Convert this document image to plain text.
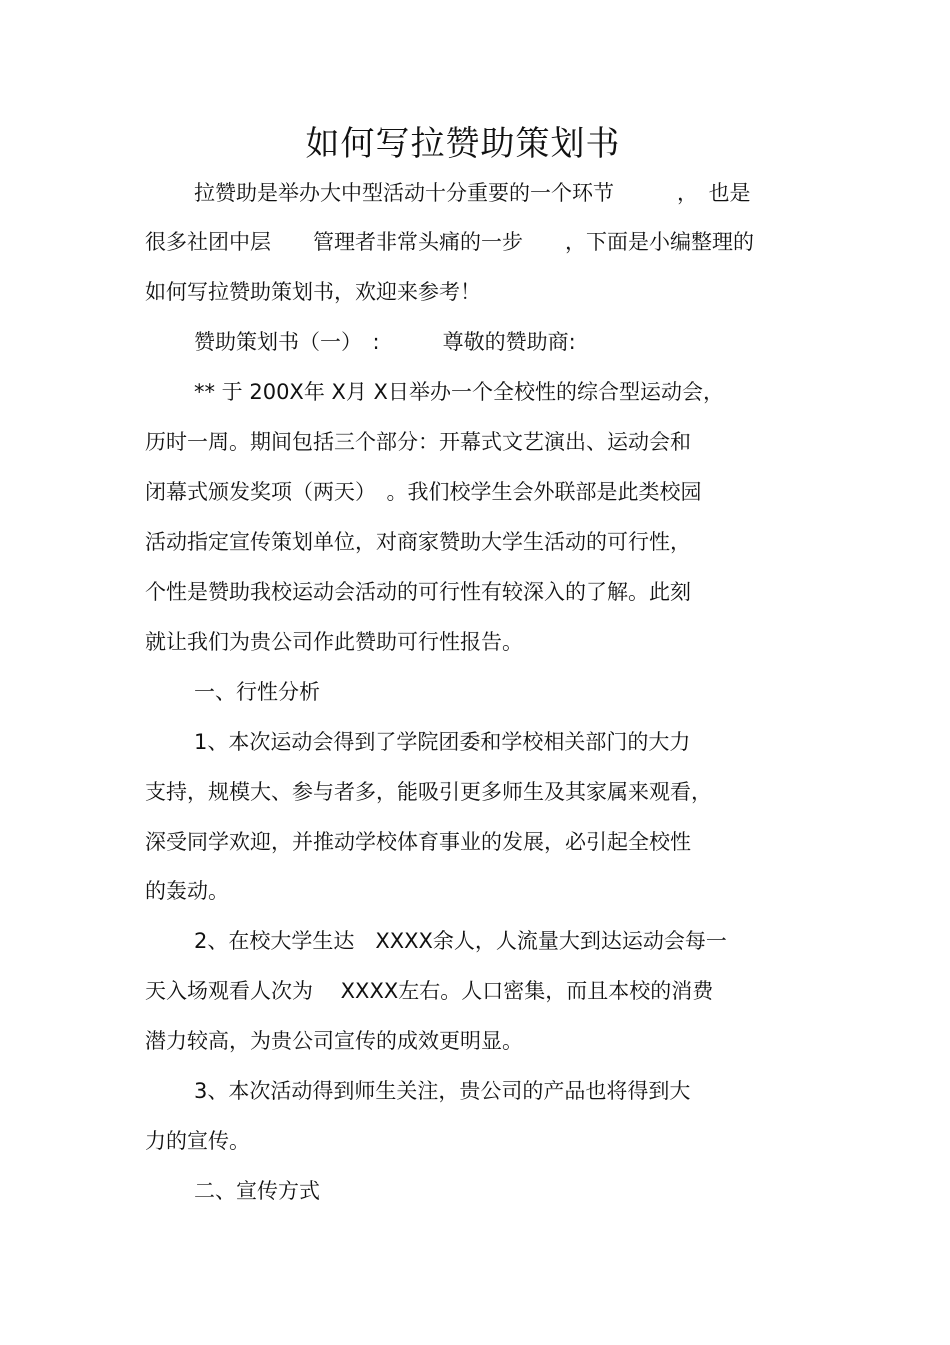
如何写拉赞助策划书
拉赞助是举办大中型活动十分重要的一个环节　　　，　也是
很多社团中层　　管理者非常头痛的一步　　，下面是小编整理的
如何写拉赞助策划书，欢迎来参考！
赞助策划书（一）　:　　　尊敬的赞助商:
** 于 200X年 X月 X日举办一个全校性的综合型运动会，
历时一周。期间包括三个部分：开幕式文艺演出、运动会和
闭幕式颁发奖项（两天）　。我们校学生会外联部是此类校园
活动指定宣传策划单位，对商家赞助大学生活动的可行性，
个性是赞助我校运动会活动的可行性有较深入的了解。此刻
就让我们为贵公司作此赞助可行性报告。
一、行性分析
1、本次运动会得到了学院团委和学校相关部门的大力
支持，规模大、参与者多，能吸引更多师生及其家属来观看，
深受同学欢迎，并推动学校体育事业的发展，必引起全校性
的轰动。
2、在校大学生达　XXXX余人，人流量大到达运动会每一
天入场观看人次为　 XXXX左右。人口密集，而且本校的消费
潜力较高，为贵公司宣传的成效更明显。
3、本次活动得到师生关注，贵公司的产品也将得到大
力的宣传。
二、宣传方式
